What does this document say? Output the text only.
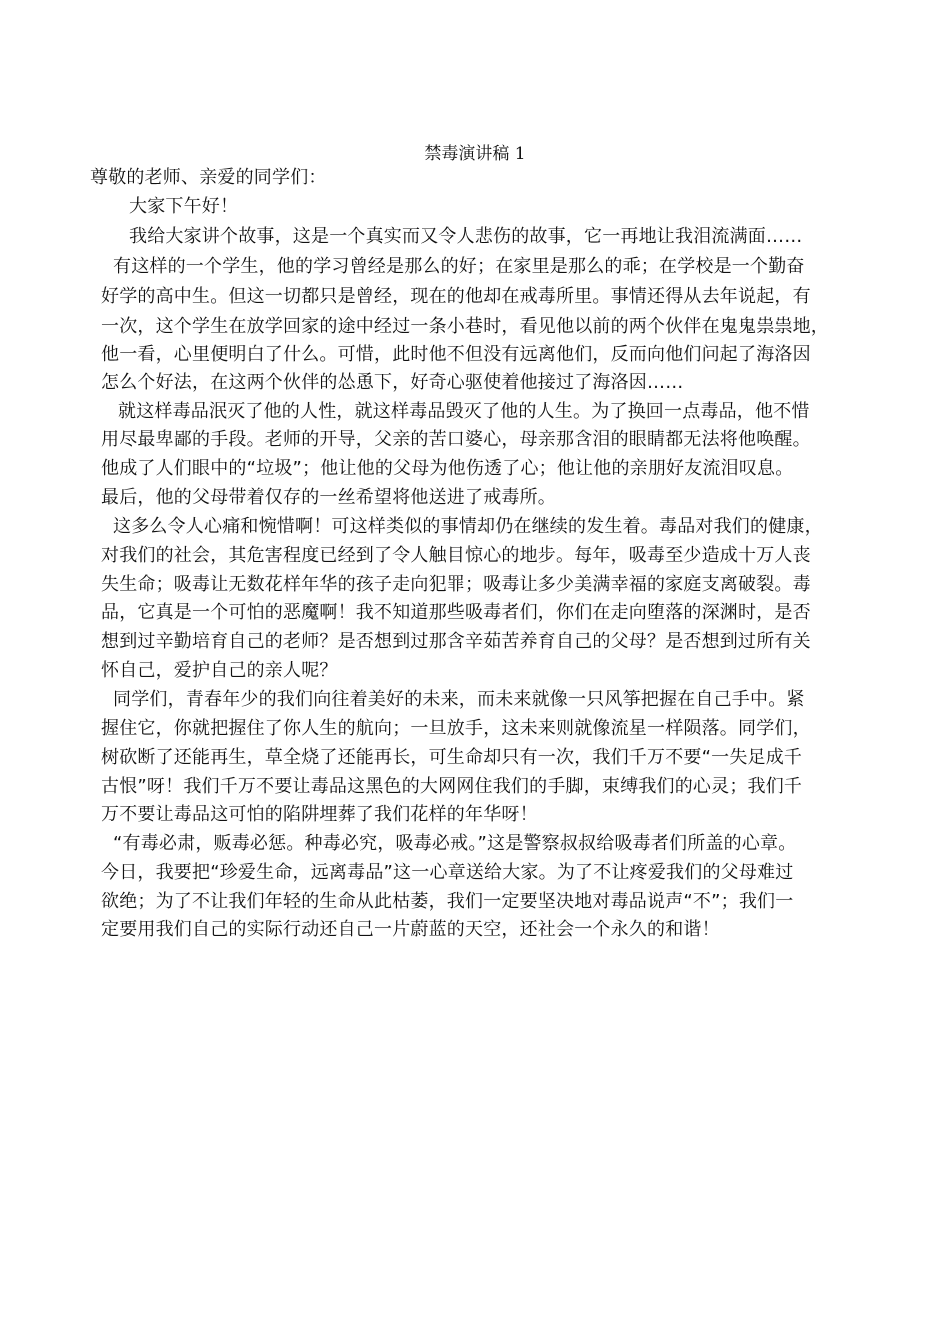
禁毒演讲稿 1
尊敬的老师、亲爱的同学们：
大家下午好！
我给大家讲个故事，这是一个真实而又令人悲伤的故事，它一再地让我泪流满面……
有这样的一个学生，他的学习曾经是那么的好；在家里是那么的乖；在学校是一个勤奋
好学的高中生。但这一切都只是曾经，现在的他却在戒毒所里。事情还得从去年说起，有
一次，这个学生在放学回家的途中经过一条小巷时，看见他以前的两个伙伴在鬼鬼祟祟地，
他一看，心里便明白了什么。可惜，此时他不但没有远离他们，反而向他们问起了海洛因
怎么个好法，在这两个伙伴的怂恿下，好奇心驱使着他接过了海洛因……
就这样毒品泯灭了他的人性，就这样毒品毁灭了他的人生。为了换回一点毒品，他不惜
用尽最卑鄙的手段。老师的开导，父亲的苦口婆心，母亲那含泪的眼睛都无法将他唤醒。
他成了人们眼中的“垃圾”；他让他的父母为他伤透了心；他让他的亲朋好友流泪叹息。
最后，他的父母带着仅存的一丝希望将他送进了戒毒所。
这多么令人心痛和惋惜啊！可这样类似的事情却仍在继续的发生着。毒品对我们的健康，
对我们的社会，其危害程度已经到了令人触目惊心的地步。每年，吸毒至少造成十万人丧
失生命；吸毒让无数花样年华的孩子走向犯罪；吸毒让多少美满幸福的家庭支离破裂。毒
品，它真是一个可怕的恶魔啊！我不知道那些吸毒者们，你们在走向堕落的深渊时，是否
想到过辛勤培育自己的老师？是否想到过那含辛茹苦养育自己的父母？是否想到过所有关
怀自己，爱护自己的亲人呢？
同学们，青春年少的我们向往着美好的未来，而未来就像一只风筝把握在自己手中。紧
握住它，你就把握住了你人生的航向；一旦放手，这未来则就像流星一样陨落。同学们，
树砍断了还能再生，草全烧了还能再长，可生命却只有一次，我们千万不要“一失足成千
古恨”呀！我们千万不要让毒品这黑色的大网网住我们的手脚，束缚我们的心灵；我们千
万不要让毒品这可怕的陷阱埋葬了我们花样的年华呀！
“有毒必肃，贩毒必惩。种毒必究，吸毒必戒。”这是警察叔叔给吸毒者们所盖的心章。
今日，我要把“珍爱生命，远离毒品”这一心章送给大家。为了不让疼爱我们的父母难过
欲绝；为了不让我们年轻的生命从此枯萎，我们一定要坚决地对毒品说声“不”；我们一
定要用我们自己的实际行动还自己一片蔚蓝的天空，还社会一个永久的和谐！
